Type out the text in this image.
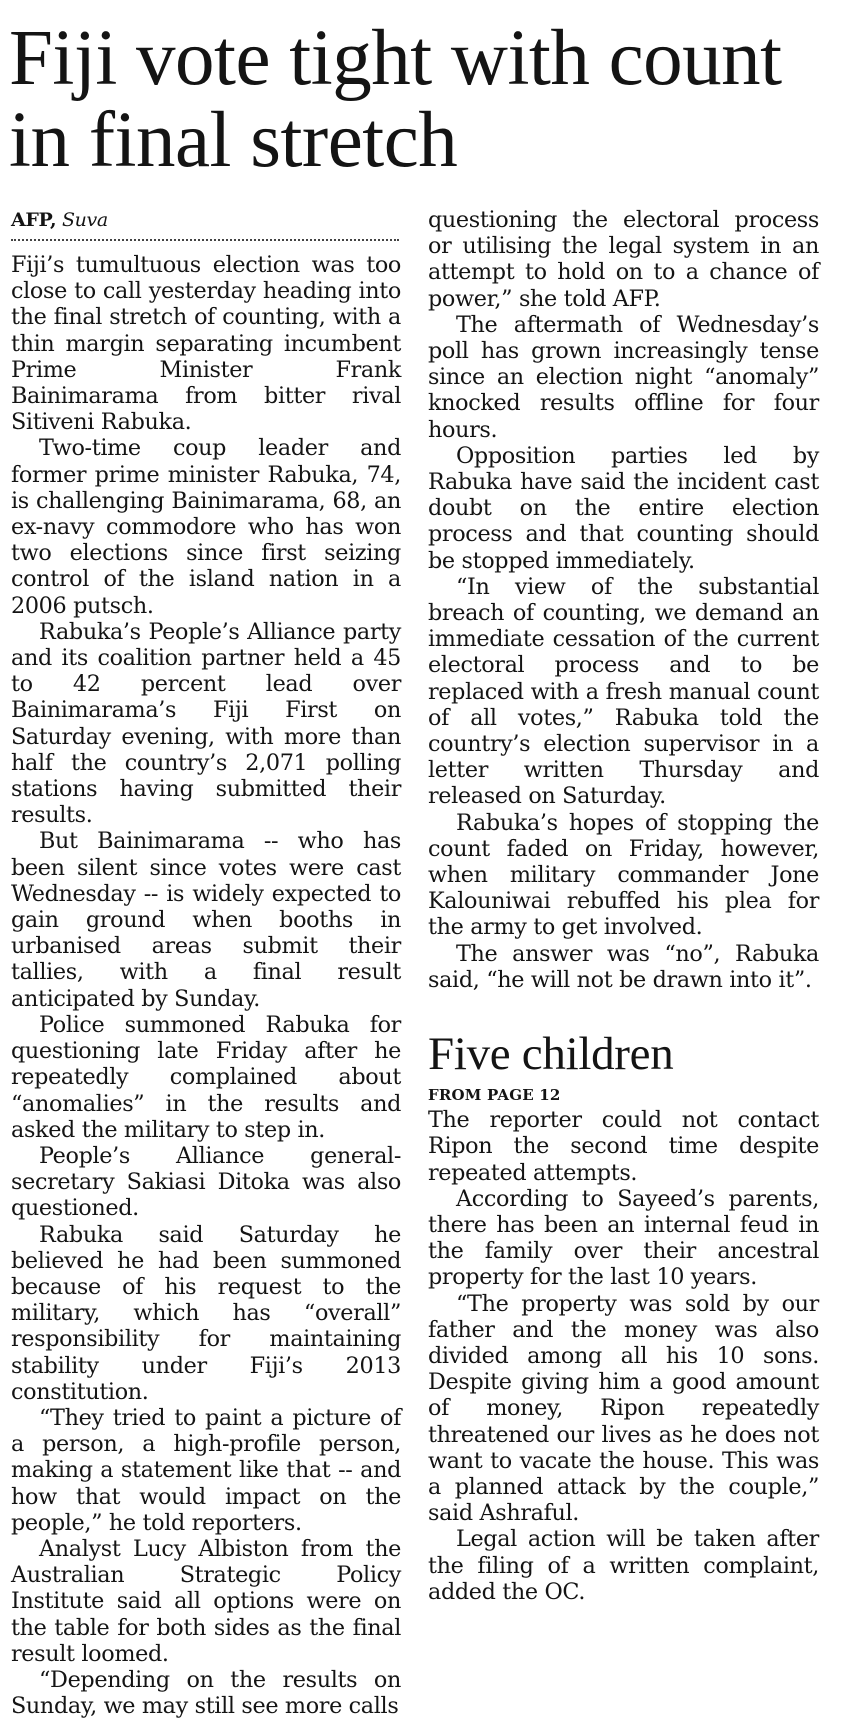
Fiji vote tight with count in final stretch
AFP, Suva

Fiji’s tumultuous election was too close to call yesterday heading into the final stretch of counting, with a thin margin separating incumbent Prime Minister Frank Bainimarama from bitter rival Sitiveni Rabuka.

Two-time coup leader and former prime minister Rabuka, 74, is challenging Bainimarama, 68, an ex-navy commodore who has won two elections since first seizing control of the island nation in a 2006 putsch.

Rabuka’s People’s Alliance party and its coalition partner held a 45 to 42 percent lead over Bainimarama’s Fiji First on Saturday evening, with more than half the country’s 2,071 polling stations having submitted their results.

But Bainimarama -- who has been silent since votes were cast Wednesday -- is widely expected to gain ground when booths in urbanised areas submit their tallies, with a final result anticipated by Sunday.

Police summoned Rabuka for questioning late Friday after he repeatedly complained about “anomalies” in the results and asked the military to step in.

People’s Alliance general-secretary Sakiasi Ditoka was also questioned.

Rabuka said Saturday he believed he had been summoned because of his request to the military, which has “overall” responsibility for maintaining stability under Fiji’s 2013 constitution.

“They tried to paint a picture of a person, a high-profile person, making a statement like that -- and how that would impact on the people,” he told reporters.

Analyst Lucy Albiston from the Australian Strategic Policy Institute said all options were on the table for both sides as the final result loomed.

“Depending on the results on Sunday, we may still see more calls

questioning the electoral process or utilising the legal system in an attempt to hold on to a chance of power,” she told AFP.

The aftermath of Wednesday’s poll has grown increasingly tense since an election night “anomaly” knocked results offline for four hours.

Opposition parties led by Rabuka have said the incident cast doubt on the entire election process and that counting should be stopped immediately.

“In view of the substantial breach of counting, we demand an immediate cessation of the current electoral process and to be replaced with a fresh manual count of all votes,” Rabuka told the country’s election supervisor in a letter written Thursday and released on Saturday.

Rabuka’s hopes of stopping the count faded on Friday, however, when military commander Jone Kalouniwai rebuffed his plea for the army to get involved.

The answer was “no”, Rabuka said, “he will not be drawn into it”.

Five children
FROM PAGE 12

The reporter could not contact Ripon the second time despite repeated attempts.

According to Sayeed’s parents, there has been an internal feud in the family over their ancestral property for the last 10 years.

“The property was sold by our father and the money was also divided among all his 10 sons. Despite giving him a good amount of money, Ripon repeatedly threatened our lives as he does not want to vacate the house. This was a planned attack by the couple,” said Ashraful.

Legal action will be taken after the filing of a written complaint, added the OC.
